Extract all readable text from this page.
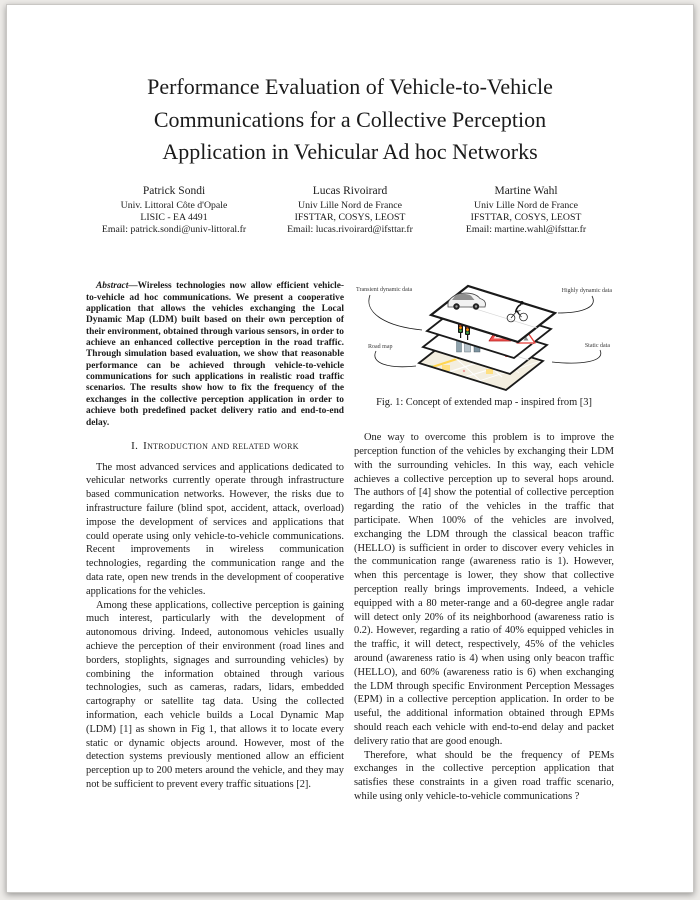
Performance Evaluation of Vehicle-to-Vehicle Communications for a Collective Perception Application in Vehicular Ad hoc Networks
Patrick Sondi
Univ. Littoral Côte d'Opale
LISIC - EA 4491
Email: patrick.sondi@univ-littoral.fr
Lucas Rivoirard
Univ Lille Nord de France
IFSTTAR, COSYS, LEOST
Email: lucas.rivoirard@ifsttar.fr
Martine Wahl
Univ Lille Nord de France
IFSTTAR, COSYS, LEOST
Email: martine.wahl@ifsttar.fr

Abstract—Wireless technologies now allow efficient vehicle-to-vehicle ad hoc communications. We present a cooperative application that allows the vehicles exchanging the Local Dynamic Map (LDM) built based on their own perception of their environment, obtained through various sensors, in order to achieve an enhanced collective perception in the road traffic. Through simulation based evaluation, we show that reasonable performance can be achieved through vehicle-to-vehicle communications for such applications in realistic road traffic scenarios. The results show how to fix the frequency of the exchanges in the collective perception application in order to achieve both predefined packet delivery ratio and end-to-end delay.

I. Introduction and related work

The most advanced services and applications dedicated to vehicular networks currently operate through infrastructure based communication networks. However, the risks due to infrastructure failure (blind spot, accident, attack, overload) impose the development of services and applications that could operate using only vehicle-to-vehicle communications. Recent improvements in wireless communication technologies, regarding the communication range and the data rate, open new trends in the development of cooperative applications for the vehicles.

Among these applications, collective perception is gaining much interest, particularly with the development of autonomous driving. Indeed, autonomous vehicles usually achieve the perception of their environment (road lines and borders, stoplights, signages and surrounding vehicles) by combining the information obtained through various technologies, such as cameras, radars, lidars, embedded cartography or satellite tag data. Using the collected information, each vehicle builds a Local Dynamic Map (LDM) [1] as shown in Fig 1, that allows it to locate every static or dynamic objects around. However, most of the detection systems previously mentioned allow an efficient perception up to 200 meters around the vehicle, and they may not be sufficient to prevent every traffic situations [2].

Transient dynamic data	Highly dynamic data
Static data
Road map
Fig. 1: Concept of extended map - inspired from [3]

One way to overcome this problem is to improve the perception function of the vehicles by exchanging their LDM with the surrounding vehicles. In this way, each vehicle achieves a collective perception up to several hops around. The authors of [4] show the potential of collective perception regarding the ratio of the vehicles in the traffic that participate. When 100% of the vehicles are involved, exchanging the LDM through the classical beacon traffic (HELLO) is sufficient in order to discover every vehicles in the communication range (awareness ratio is 1). However, when this percentage is lower, they show that collective perception really brings improvements. Indeed, a vehicle equipped with a 80 meter-range and a 60-degree angle radar will detect only 20% of its neighborhood (awareness ratio is 0.2). However, regarding a ratio of 40% equipped vehicles in the traffic, it will detect, respectively, 45% of the vehicles around (awareness ratio is 4) when using only beacon traffic (HELLO), and 60% (awareness ratio is 6) when exchanging the LDM through specific Environment Perception Messages (EPM) in a collective perception application. In order to be useful, the additional information obtained through EPMs should reach each vehicle with end-to-end delay and packet delivery ratio that are good enough.

Therefore, what should be the frequency of PEMs exchanges in the collective perception application that satisfies these constraints in a given road traffic scenario, while using only vehicle-to-vehicle communications ?
